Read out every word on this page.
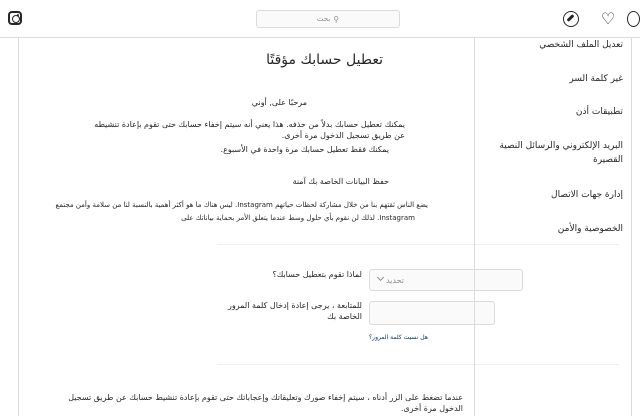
بحث ⚲	♡
تعطيل حسابك مؤقتًا
مرحبًا على, أوني
يمكنك تعطيل حسابك بدلاً من حذفه. هذا يعني أنه سيتم إخفاء حسابك حتى تقوم بإعادة تنشيطه عن طريق تسجيل الدخول مرة أخرى.
يمكنك فقط تعطيل حسابك مرة واحدة في الأسبوع.
حفظ البيانات الخاصة بك آمنة
يضع الناس ثقتهم بنا من خلال مشاركة لحظات حياتهم Instagram. ليس هناك ما هو أكثر أهمية بالنسبة لنا من سلامة وأمن مجتمع
Instagram. لذلك لن نقوم بأي حلول وسط عندما يتعلق الأمر بحماية بياناتك على
لماذا تقوم بتعطيل حسابك؟
تحديد
للمتابعة ، يرجى إعادة إدخال كلمة المرور الخاصة بك
هل نسيت كلمة المرور؟
عندما تضغط على الزر أدناه ، سيتم إخفاء صورك وتعليقاتك وإعجاباتك حتى تقوم بإعادة تنشيط حسابك عن طريق تسجيل الدخول مرة أخرى.
تعديل الملف الشخصي
غير كلمة السر
تطبيقات أذن
البريد الإلكتروني والرسائل النصية القصيرة
إدارة جهات الاتصال
الخصوصية والأمن
